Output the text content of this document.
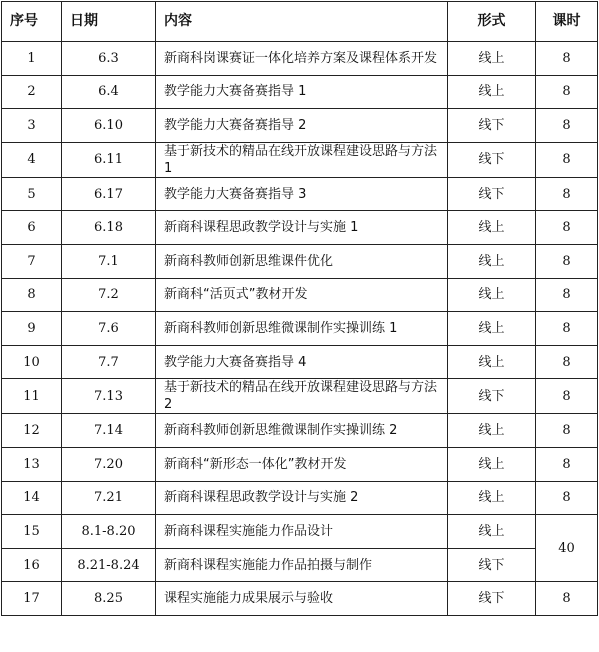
序号	日期	内容	形式	课时
1	6.3	新商科岗课赛证一体化培养方案及课程体系开发	线上	8
2	6.4	教学能力大赛备赛指导 1	线上	8
3	6.10	教学能力大赛备赛指导 2	线下	8
4	6.11	基于新技术的精品在线开放课程建设思路与方法 1	线下	8
5	6.17	教学能力大赛备赛指导 3	线下	8
6	6.18	新商科课程思政教学设计与实施 1	线上	8
7	7.1	新商科教师创新思维课件优化	线上	8
8	7.2	新商科“活页式”教材开发	线上	8
9	7.6	新商科教师创新思维微课制作实操训练 1	线上	8
10	7.7	教学能力大赛备赛指导 4	线上	8
11	7.13	基于新技术的精品在线开放课程建设思路与方法 2	线下	8
12	7.14	新商科教师创新思维微课制作实操训练 2	线上	8
13	7.20	新商科“新形态一体化”教材开发	线上	8
14	7.21	新商科课程思政教学设计与实施 2	线上	8
15	8.1-8.20	新商科课程实施能力作品设计	线上	40
16	8.21-8.24	新商科课程实施能力作品拍摄与制作	线下	
17	8.25	课程实施能力成果展示与验收	线下	8
